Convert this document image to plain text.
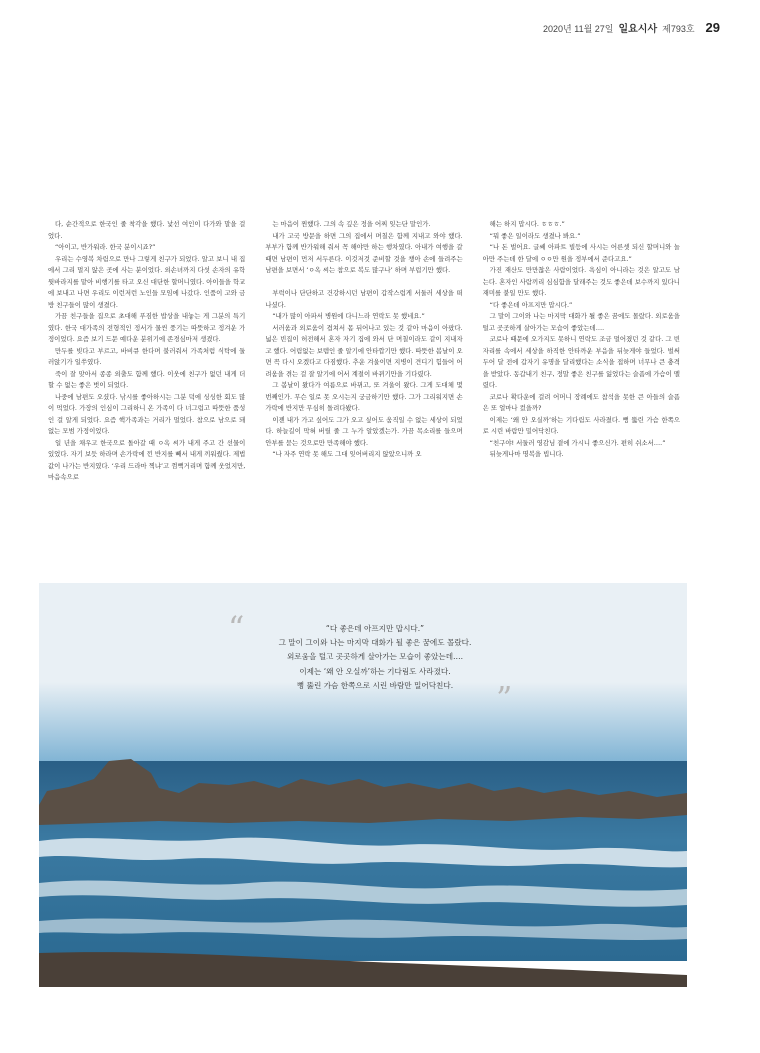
2020년 11월 27일 일요시사 제793호 29

다, 순간적으로 한국인 줄 착각을 했다. 낯선 여인이 다가와 말을 걸었다.

“아이고, 반가워라. 한국 분이시죠?”

우리는 수영복 차림으로 만나 그렇게 친구가 되었다. 알고 보니 내 집에서 그리 멀지 않은 곳에 사는 분이었다. 외손녀까지 다섯 손자의 유학 뒷바라지를 맡아 비행기를 타고 오신 대단한 할머니였다. 아이들을 학교에 보내고 나면 우리도 이런저런 노인들 모임에 나갔다. 인품이 고와 금방 친구들이 많이 생겼다.

가끔 친구들을 집으로 초대해 푸짐한 밥상을 내놓는 게 그분의 특기였다. 한국 대가족의 전형적인 정서가 물씬 풍기는 따뜻하고 정겨운 가정이었다. 요즘 보기 드문 예다운 분위기에 존경심마저 생겼다.

만두를 빚다고 부르고, 바비큐 한다며 불러줘서 가족처럼 식탁에 둘러앉기가 일쑤였다.

죽이 잘 맞아서 종종 외출도 함께 했다. 이웃에 친구가 없던 내게 더할 수 없는 좋은 벗이 되었다.

나중에 남편도 오셨다. 낚시를 좋아하시는 그분 덕에 싱싱한 회도 많이 먹었다. 가장의 인심이 그리하니 온 가족이 다 너그럽고 따뜻한 품성인 걸 알게 되었다. 요즘 핵가족과는 거리가 멀었다. 참으로 남으로 돼 없는 모범 가정이었다.

일 년을 채우고 한국으로 돌아갈 때 ㅇ옥 씨가 내게 주고 간 선물이 있었다. 자기 보듯 하라며 손가락에 낀 반지를 빼서 내게 끼워줬다. 제법 값이 나가는 반지였다. ‘우리 드라마 찍냐’고 껌뻑거리며 함께 웃었지만, 마음속으로

는 마음이 찐했다. 그의 속 깊은 정을 어찌 잊는단 말인가.

내가 고국 방문을 하면 그의 집에서 며칠은 함께 지내고 와야 했다. 부부가 함께 반가워해 줘서 꼭 해야만 하는 행차였다. 아내가 여행을 갈 때면 남편이 먼저 서두른다. 이것저것 준비할 것을 챙아 손에 들려주는 남편을 보면서 ‘ㅇ옥 씨는 참으로 복도 많구나’ 하며 부럽기만 했다.

부럭이나 단단하고 건강하시던 남편이 갑작스럽게 서둘러 세상을 떠나셨다.

“내가 많이 아파서 병원에 다니느라 연락도 못 했네요.”

서러움과 외로움이 겹쳐서 몸 뒤어나고 있는 것 같아 마음이 아팠다. 넓은 빈집이 허전해서 혼자 자기 집에 와서 단 며칠이라도 같이 지내자고 했다. 어림없는 보템인 줄 알기에 안타깝기만 했다. 따뜻한 봄날이 오면 꼭 다시 오겠다고 다짐했다. 추운 겨울이면 지병이 견디기 힘들어 어려움을 겪는 걸 잘 알기에 어서 계절이 바뀌기만을 기다렸다.

그 봄날이 왔다가 여름으로 바뀌고, 또 겨울이 왔다. 그게 도대체 몇 번째인가. 무슨 일로 못 오시는지 궁금하기만 했다. 그가 그리워지면 손가락에 반지만 무심히 돌려다봤다.

이젠 내가 가고 싶어도 그가 오고 싶어도 움직일 수 없는 세상이 되었다. 하늘길이 막혀 버릴 줄 그 누가 알았겠는가. 가끔 목소리를 들으며 안부를 묻는 것으로만 만족해야 했다.

“나 자주 연락 못 해도 그대 잊어버리지 않았으니까 오

해는 하지 맙시다. ㅎㅎㅎ.”

“뭐 좋은 일이라도 생겼나 봐요.”

“나 돈 벌어요. 글쎄 아파트 빌등에 사시는 어른셋 되신 할머니와 놀아만 주는데 한 달에 ㅇㅇ만 원을 정부에서 준다고요.”

가진 재산도 만만찮은 사람이었다. 욕심이 아니라는 것은 알고도 남는다. 혼자인 사람끼리 심심함을 달래주는 것도 좋은데 보수까지 있다니 재미를 붙일 만도 했다.

“다 좋은데 아프지만 맙시다.”

그 말이 그이와 나는 마지막 대화가 될 좋은 꿈에도 몰랐다. 외로움을 털고 곳곳하게 살아가는 모습이 좋았는데….

코로나 때문에 오가지도 못하니 연락도 조금 멀어졌던 것 같다. 그 빈자리를 속에서 세상을 하직한 안타까운 부음을 뒤늦게야 들었다. 벌써 두어 달 전에 갑자기 유명을 달리했다는 소식을 접하며 너무나 큰 충격을 받았다. 동갑내기 친구, 정말 좋은 친구를 잃었다는 슬픔에 가슴이 멜렸다.

코로나 확다운에 걸려 어머니 장례에도 참석을 못한 큰 아들의 슬픔은 또 얼마나 컸을까?

이제는 ‘왜 안 오실까’하는 기다림도 사라졌다. 뻥 뚫린 가슴 한쪽으로 시린 바람만 밀어닥친다.

“친구야! 서둘러 영감님 곁에 가시니 좋으신가. 편히 쉬소서….”

뒤늦게나마 명복을 빕니다.

“	“다 좋은데 아프지만 맙시다.”
그 말이 그이와 나는 마지막 대화가 될 좋은 꿈에도 몰랐다.
외로움을 털고 곳곳하게 살아가는 모습이 좋았는데….
이제는 ‘왜 안 오실까’하는 기다림도 사라졌다.
뻥 뚫린 가슴 한쪽으로 시린 바람만 밀어닥친다.	”
